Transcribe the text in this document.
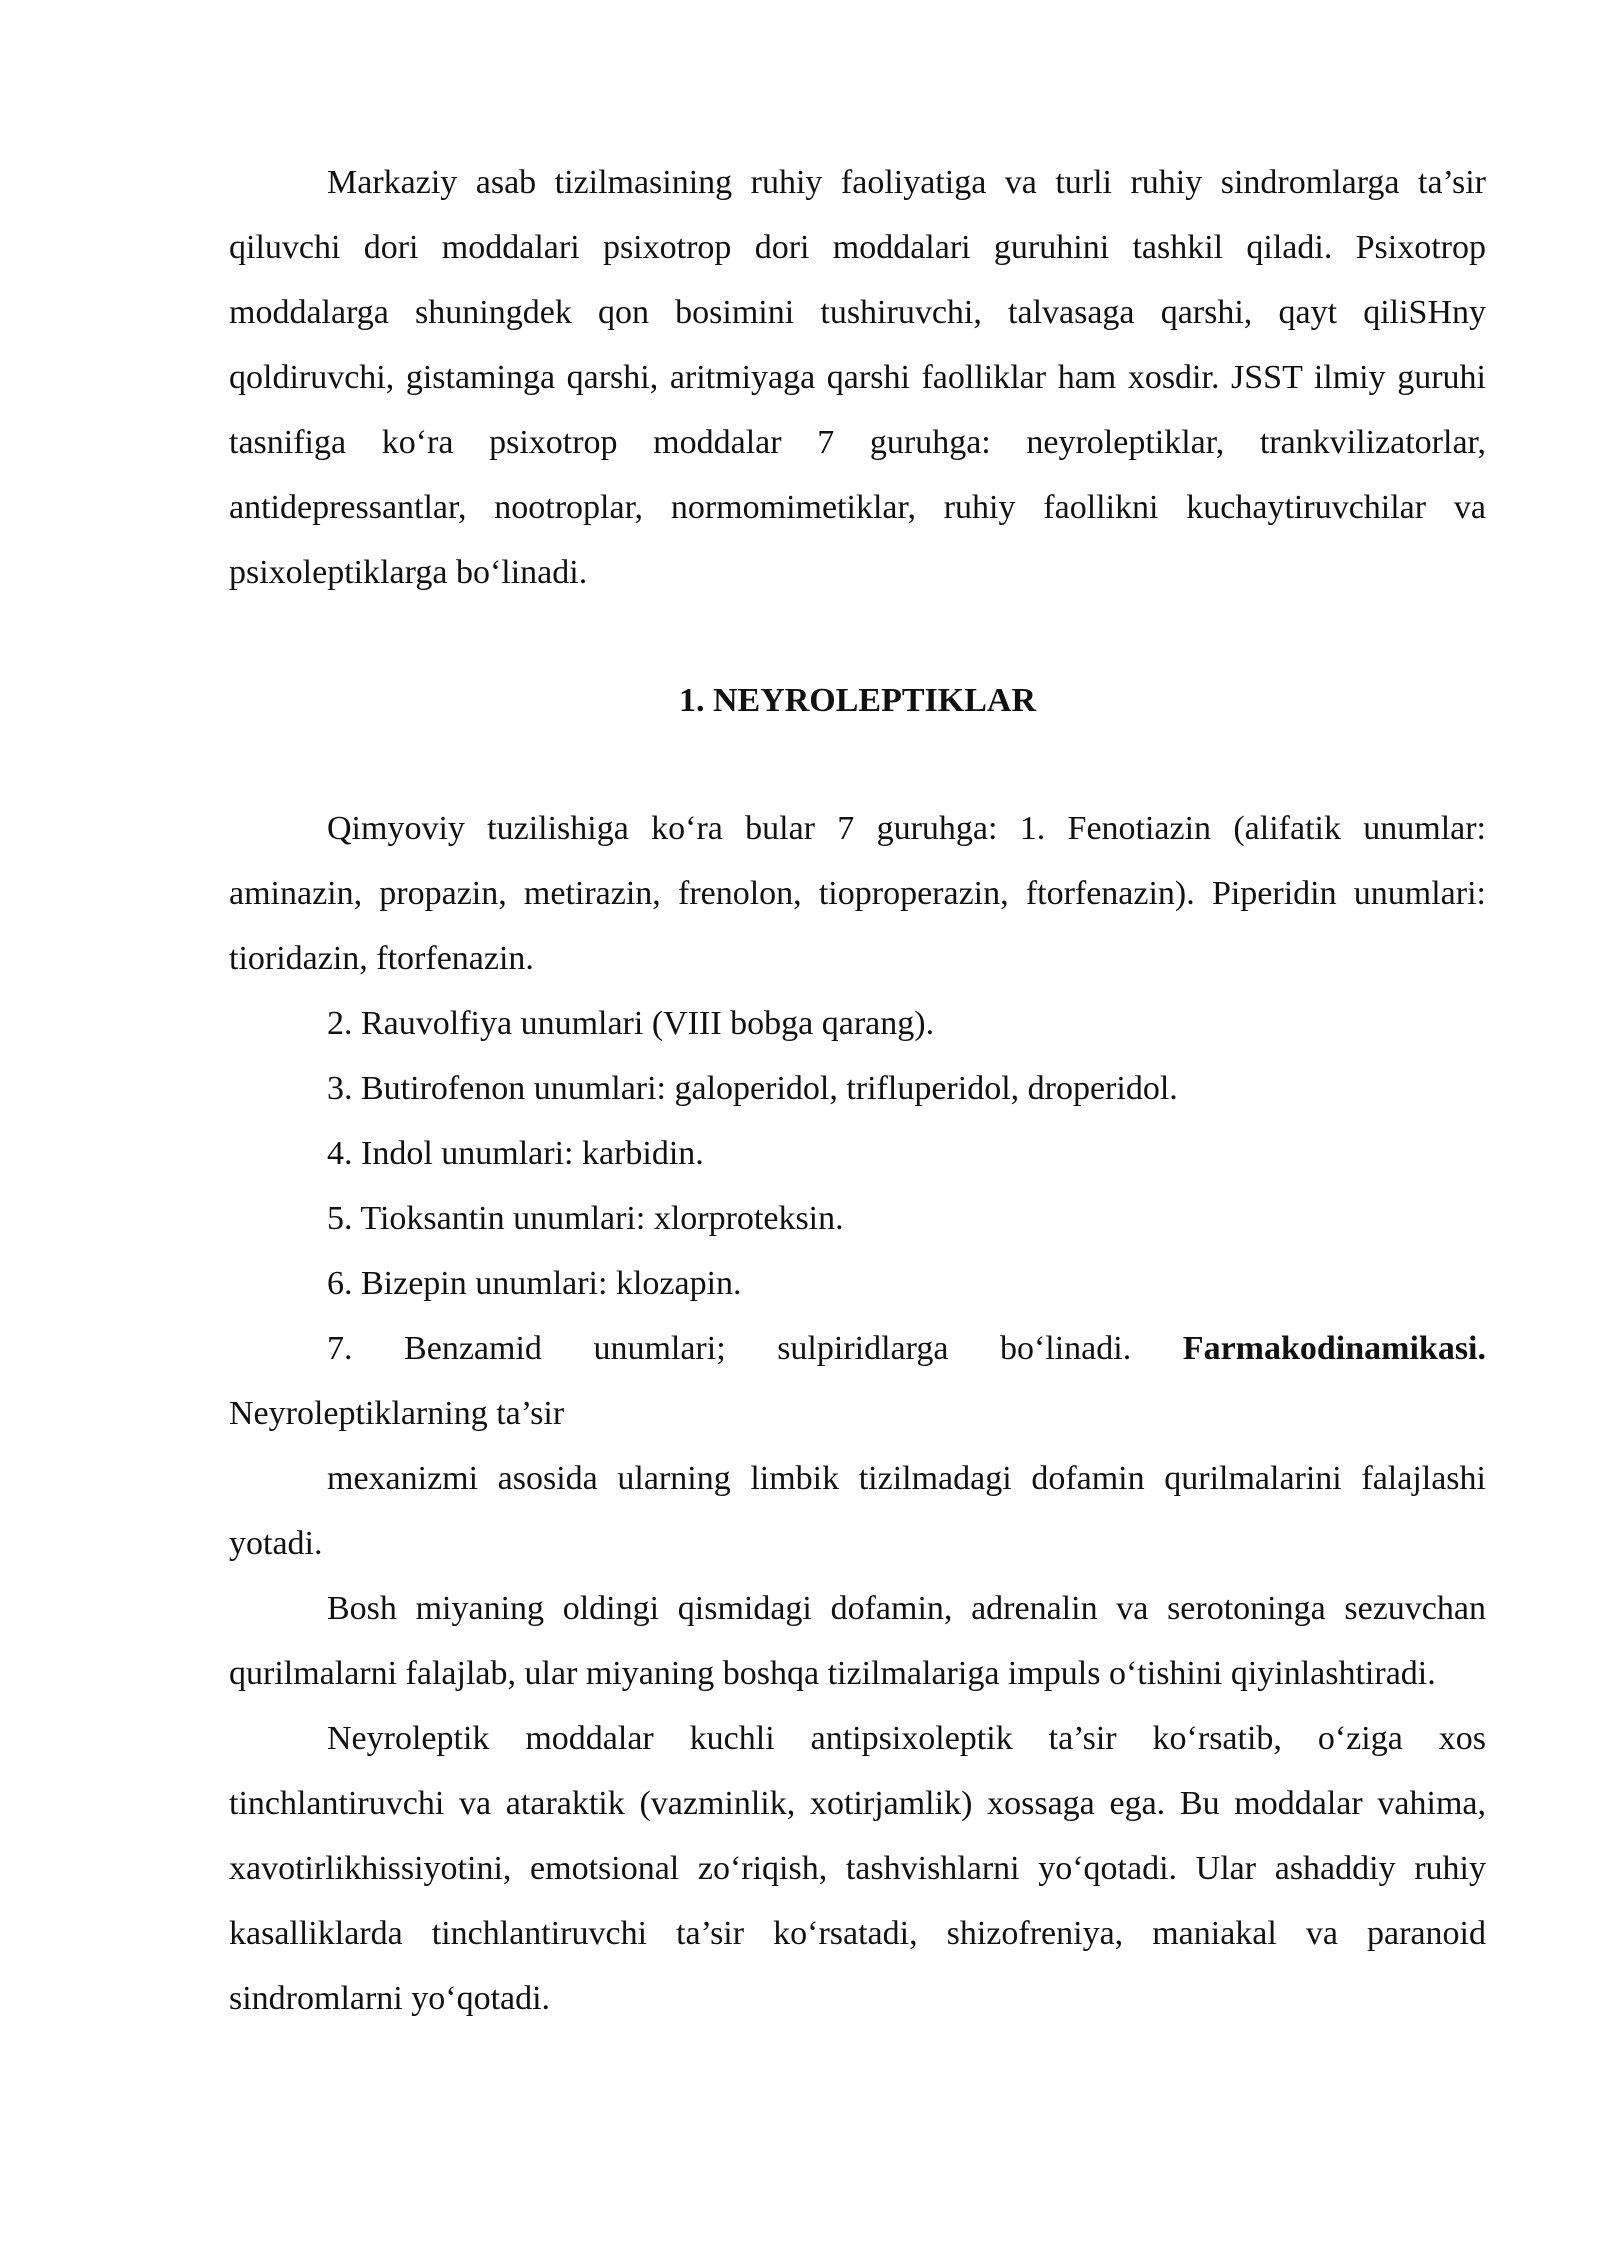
Markaziy asab tizilmasining ruhiy faoliyatiga va turli ruhiy sindromlarga ta’sir qiluvchi dori moddalari psixotrop dori moddalari guruhini tashkil qiladi. Psixotrop moddalarga shuningdek qon bosimini tushiruvchi, talvasaga qarshi, qayt qiliSHny qoldiruvchi, gistaminga qarshi, aritmiyaga qarshi faolliklar ham xosdir. JSST ilmiy guruhi tasnifiga ko‘ra psixotrop moddalar 7 guruhga: neyroleptiklar, trankvilizatorlar, antidepressantlar, nootroplar, normomimetiklar, ruhiy faollikni kuchaytiruvchilar va psixoleptiklarga bo‘linadi.

1. NEYROLEPTIKLAR

Qimyoviy tuzilishiga ko‘ra bular 7 guruhga: 1. Fenotiazin (alifatik unumlar: aminazin, propazin, metirazin, frenolon, tioproperazin, ftorfenazin). Piperidin unumlari: tioridazin, ftorfenazin.

2. Rauvolfiya unumlari (VIII bobga qarang).

3. Butirofenon unumlari: galoperidol, trifluperidol, droperidol.

4. Indol unumlari: karbidin.

5. Tioksantin unumlari: xlorproteksin.

6. Bizepin unumlari: klozapin.

7. Benzamid unumlari; sulpiridlarga bo‘linadi. Farmakodinamikasi. Neyroleptiklarning ta’sir

mexanizmi asosida ularning limbik tizilmadagi dofamin qurilmalarini falajlashi yotadi.

Bosh miyaning oldingi qismidagi dofamin, adrenalin va serotoninga sezuvchan qurilmalarni falajlab, ular miyaning boshqa tizilmalariga impuls o‘tishini qiyinlashtiradi.

Neyroleptik moddalar kuchli antipsixoleptik ta’sir ko‘rsatib, o‘ziga xos tinchlantiruvchi va ataraktik (vazminlik, xotirjamlik) xossaga ega. Bu moddalar vahima, xavotirlikhissiyotini, emotsional zo‘riqish, tashvishlarni yo‘qotadi. Ular ashaddiy ruhiy kasalliklarda tinchlantiruvchi ta’sir ko‘rsatadi, shizofreniya, maniakal va paranoid sindromlarni yo‘qotadi.
